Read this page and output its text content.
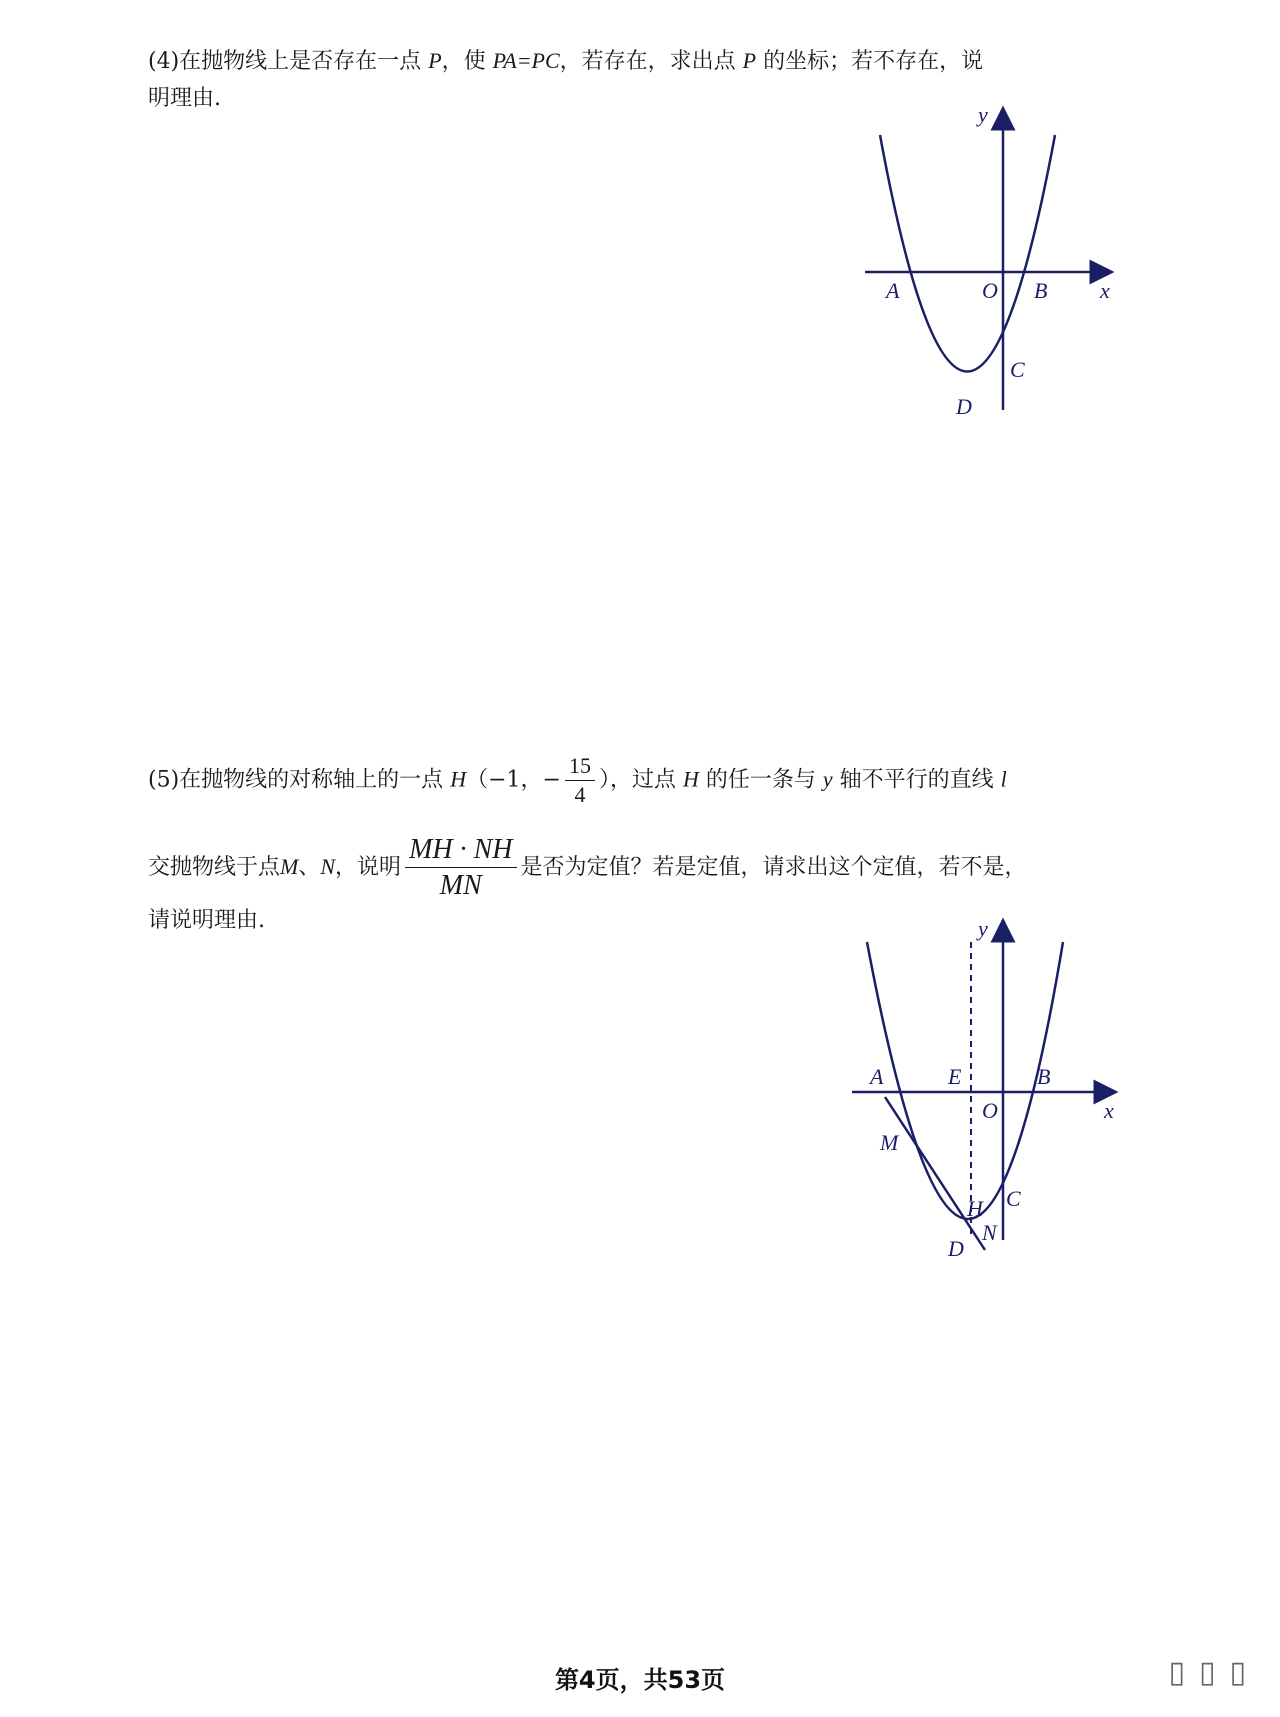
(4)在抛物线上是否存在一点 P，使 PA=PC，若存在，求出点 P 的坐标；若不存在，说
明理由.
y
x
A	O B
C
D
(5)在抛物线的对称轴上的一点 H（−1，− $\frac{15}{4}$ ），过点 H 的任一条与 y 轴不平行的直线 l
交抛物线于点M、N，说明 $\frac{MH \cdot NH}{MN}$ 是否为定值？若是定值，请求出这个定值，若不是，
请说明理由.	y
x
A	E
O
B
M
C
H
N
D
第4页，共53页	▯▯▯
